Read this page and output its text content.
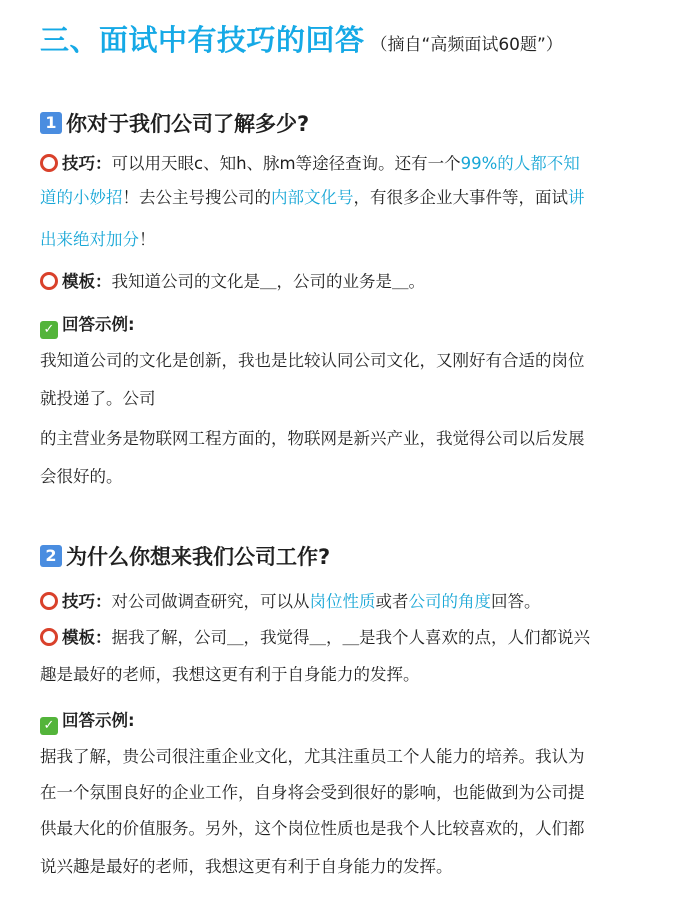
三、面试中有技巧的回答 （摘自“高频面试60题”）
1 你对于我们公司了解多少?
技巧：可以用天眼c、知h、脉m等途径查询。还有一个99%的人都不知
道的小妙招！去公主号搜公司的内部文化号，有很多企业大事件等，面试讲
出来绝对加分！
模板：我知道公司的文化是＿，公司的业务是＿。
✓ 回答示例:
我知道公司的文化是创新，我也是比较认同公司文化，又刚好有合适的岗位
就投递了。公司
的主营业务是物联网工程方面的，物联网是新兴产业，我觉得公司以后发展
会很好的。
2 为什么你想来我们公司工作?
技巧：对公司做调查研究，可以从岗位性质或者公司的角度回答。
模板：据我了解，公司＿，我觉得＿，＿是我个人喜欢的点，人们都说兴
趣是最好的老师，我想这更有利于自身能力的发挥。
✓ 回答示例:
据我了解，贵公司很注重企业文化，尤其注重员工个人能力的培养。我认为
在一个氛围良好的企业工作，自身将会受到很好的影响，也能做到为公司提
供最大化的价值服务。另外，这个岗位性质也是我个人比较喜欢的，人们都
说兴趣是最好的老师，我想这更有利于自身能力的发挥。
